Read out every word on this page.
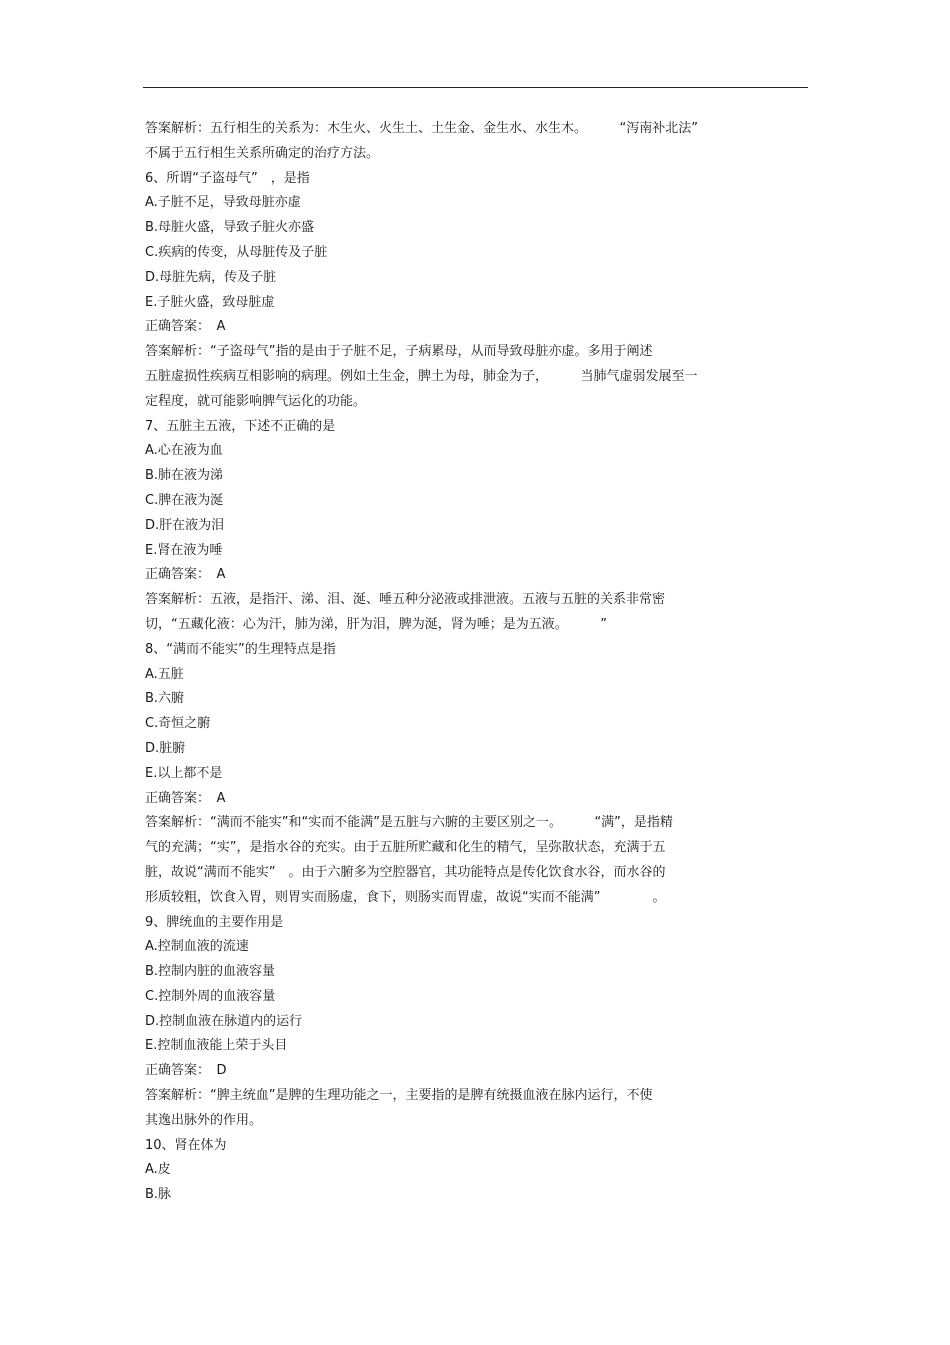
答案解析：五行相生的关系为：木生火、火生土、土生金、金生水、水生木。　　　“泻南补北法”
不属于五行相生关系所确定的治疗方法。
6、所谓“子盗母气”　，是指
A.子脏不足，导致母脏亦虚
B.母脏火盛，导致子脏火亦盛
C.疾病的传变，从母脏传及子脏
D.母脏先病，传及子脏
E.子脏火盛，致母脏虚
正确答案：　A
答案解析：“子盗母气”指的是由于子脏不足，子病累母，从而导致母脏亦虚。多用于阐述
五脏虚损性疾病互相影响的病理。例如土生金，脾土为母，肺金为子，　　　当肺气虚弱发展至一
定程度，就可能影响脾气运化的功能。
7、五脏主五液，下述不正确的是
A.心在液为血
B.肺在液为涕
C.脾在液为涎
D.肝在液为泪
E.肾在液为唾
正确答案：　A
答案解析：五液，是指汗、涕、泪、涎、唾五种分泌液或排泄液。五液与五脏的关系非常密
切，“五藏化液：心为汗，肺为涕，肝为泪，脾为涎，肾为唾；是为五液。　　　”
8、“满而不能实”的生理特点是指
A.五脏
B.六腑
C.奇恒之腑
D.脏腑
E.以上都不是
正确答案：　A
答案解析：“满而不能实”和“实而不能满”是五脏与六腑的主要区别之一。　　　“满”，是指精
气的充满；“实”，是指水谷的充实。由于五脏所贮藏和化生的精气，呈弥散状态，充满于五
脏，故说“满而不能实”　。由于六腑多为空腔器官，其功能特点是传化饮食水谷，而水谷的
形质较粗，饮食入胃，则胃实而肠虚，食下，则肠实而胃虚，故说“实而不能满”　　　　。
9、脾统血的主要作用是
A.控制血液的流速
B.控制内脏的血液容量
C.控制外周的血液容量
D.控制血液在脉道内的运行
E.控制血液能上荣于头目
正确答案：　D
答案解析：“脾主统血”是脾的生理功能之一，主要指的是脾有统摄血液在脉内运行，不使
其逸出脉外的作用。
10、肾在体为
A.皮
B.脉
